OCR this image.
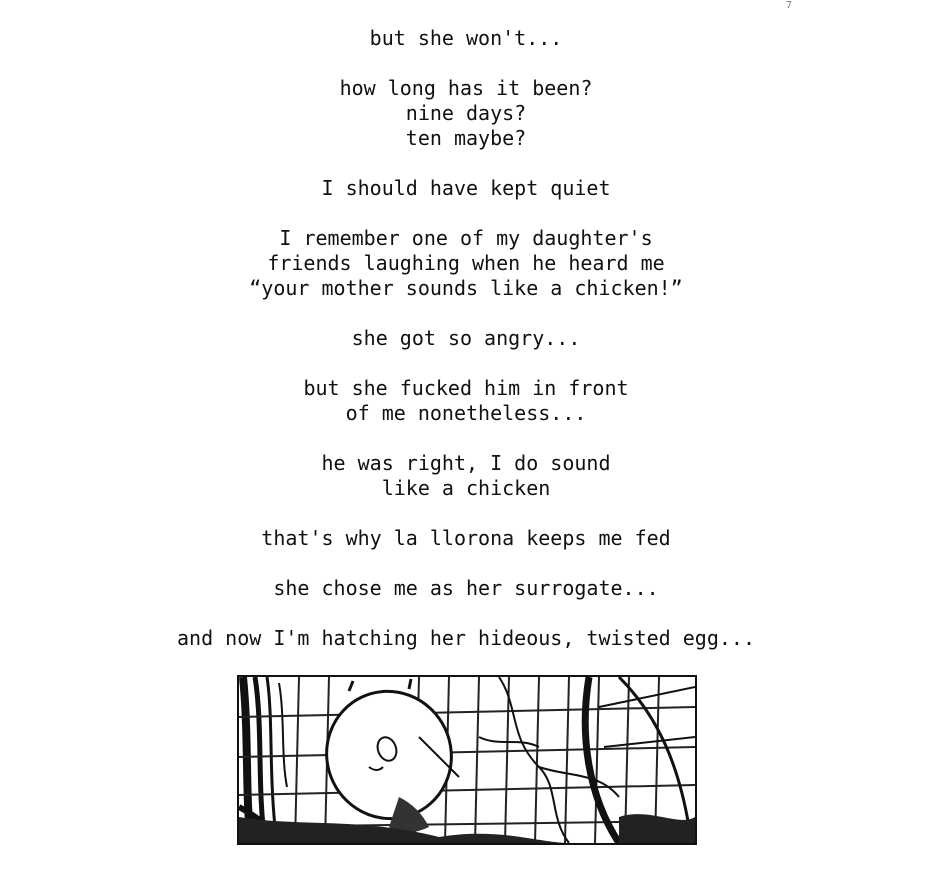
7
but she won't...
how long has it been?
nine days?
ten maybe?
I should have kept quiet
I remember one of my daughter's
friends laughing when he heard me
“your mother sounds like a chicken!”
she got so angry...
but she fucked him in front
of me nonetheless...
he was right, I do sound
like a chicken
that's why la llorona keeps me fed
she chose me as her surrogate...
and now I'm hatching her hideous, twisted egg...
